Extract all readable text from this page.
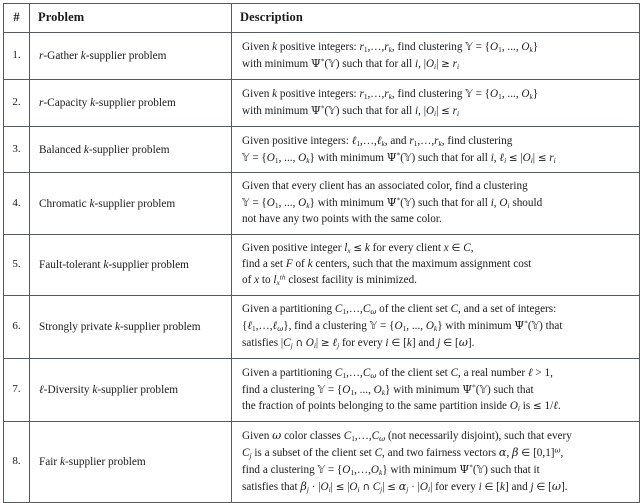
#	Problem	Description
1.	r-Gather k-supplier problem	Given k positive integers: $r_1,\dots,r_k$, find clustering 𝕐 = {$O_1$, ..., $O_k$}
with minimum Ψ*(𝕐) such that for all i, $|O_i| \ge r_i$

2.	r-Capacity k-supplier problem	Given k positive integers: $r_1,\dots,r_k$, find clustering 𝕐 = {$O_1$, ..., $O_k$}
with minimum Ψ*(𝕐) such that for all i, $|O_i| \le r_i$

3.	Balanced k-supplier problem	Given positive integers: ℓ$_1$,…,ℓ$_k$, and $r_1,\dots,r_k$, find clustering
𝕐 = {$O_1$, ..., $O_k$} with minimum Ψ*(𝕐) such that for all i, ℓ$_i$ ≤ $|O_i| \le r_i$

4.	Chromatic k-supplier problem	Given that every client has an associated color, find a clustering
𝕐 = {$O_1$, ..., $O_k$} with minimum Ψ*(𝕐) such that for all i, $O_i$ should
not have any two points with the same color.

5.	Fault-tolerant k-supplier problem	Given positive integer $l_x \le k$ for every client x ∈ C,
find a set F of k centers, such that the maximum assignment cost
of x to $l_x^{th}$ closest facility is minimized.

6.	Strongly private k-supplier problem	Given a partitioning $C_1,\dots,C_\omega$ of the client set C, and a set of integers:
{ℓ$_1$,…,ℓ$_\omega$}, find a clustering 𝕐 = {$O_1$, ..., $O_k$} with minimum Ψ*(𝕐) that
satisfies $|C_j$ ∩ $O_i|$ ≥ ℓ$_j$ for every i ∈ [k] and j ∈ [ω].

7.	ℓ-Diversity k-supplier problem	Given a partitioning $C_1,\dots,C_\omega$ of the client set C, a real number ℓ > 1,
find a clustering 𝕐 = {$O_1$, ..., $O_k$} with minimum Ψ*(𝕐) such that
the fraction of points belonging to the same partition inside $O_i$ is ≤ 1/ℓ.

8.	Fair k-supplier problem	Given ω color classes $C_1,\dots,C_\omega$ (not necessarily disjoint), such that every
$C_j$ is a subset of the client set C, and two fairness vectors α, β ∈ $[0,1]^\omega$,
find a clustering 𝕐 = $\{O_1,\dots,O_k\}$ with minimum Ψ*(𝕐) such that it
satisfies that $\beta_j \cdot |O_i| \le |O_i$ ∩ $C_j| \le \alpha_j \cdot |O_i|$ for every i ∈ [k] and j ∈ [ω].
